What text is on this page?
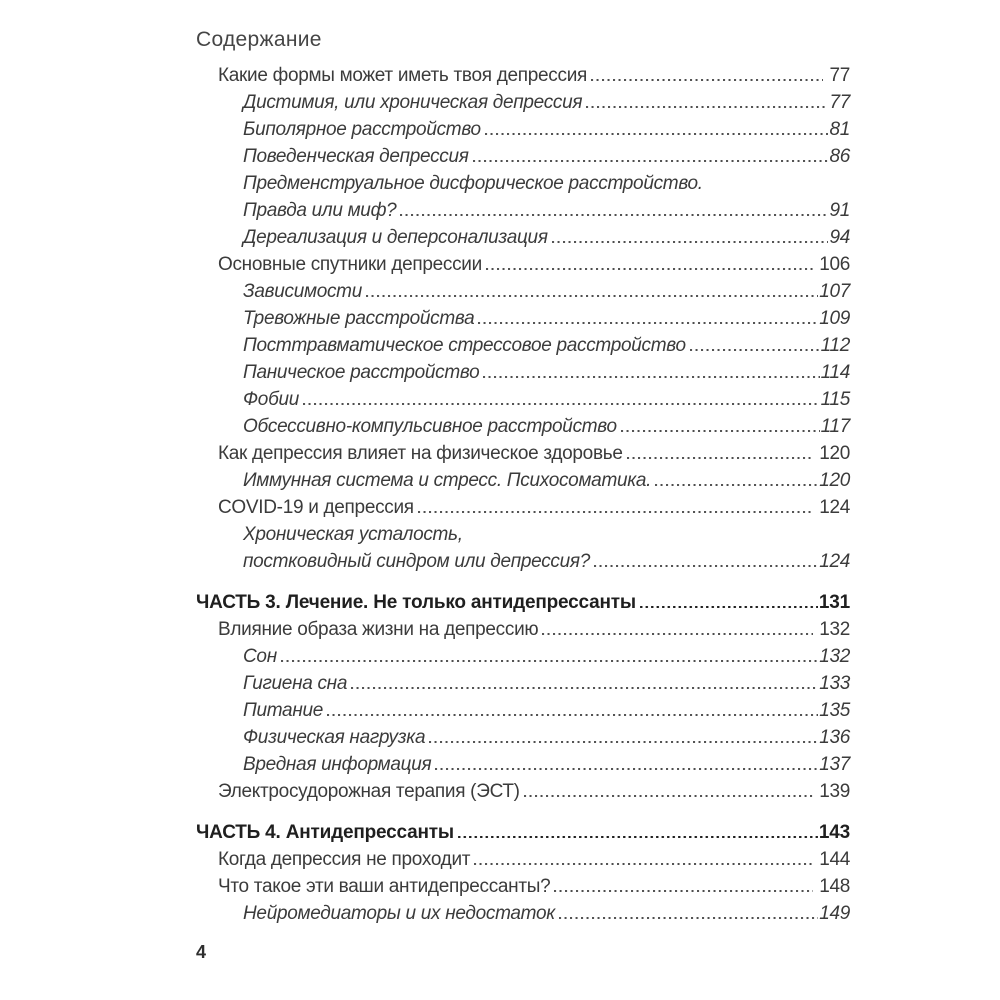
Содержание
Какие формы может иметь твоя депрессия	77
Дистимия, или хроническая депрессия	77
Биполярное расстройство	81
Поведенческая депрессия	86
Предменструальное дисфорическое расстройство.
Правда или миф?	91
Дереализация и деперсонализация	94
Основные спутники депрессии	106
Зависимости	107
Тревожные расстройства	109
Посттравматическое стрессовое расстройство	112
Паническое расстройство	114
Фобии	115
Обсессивно-компульсивное расстройство	117
Как депрессия влияет на физическое здоровье	120
Иммунная система и стресс. Психосоматика.	120
COVID-19 и депрессия	124
Хроническая усталость,
постковидный синдром или депрессия?	124
ЧАСТЬ 3. Лечение. Не только антидепрессанты	131
Влияние образа жизни на депрессию	132
Сон	132
Гигиена сна	133
Питание	135
Физическая нагрузка	136
Вредная информация	137
Электросудорожная терапия (ЭСТ)	139
ЧАСТЬ 4. Антидепрессанты	143
Когда депрессия не проходит	144
Что такое эти ваши антидепрессанты?	148
Нейромедиаторы и их недостаток	149
4
